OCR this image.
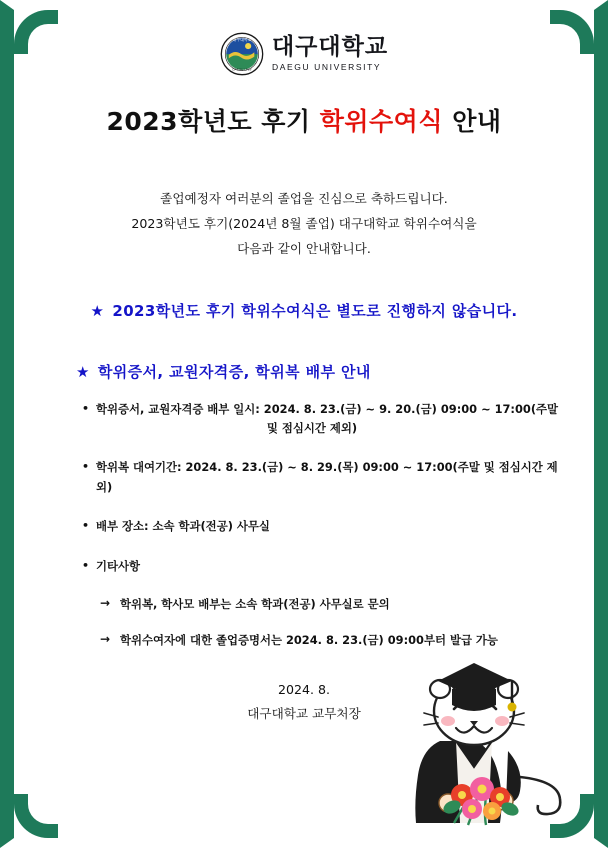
대구대학교
DAEGU UNIV
대구대학교
DAEGU UNIVERSITY
2023학년도 후기 학위수여식 안내
졸업예정자 여러분의 졸업을 진심으로 축하드립니다.
2023학년도 후기(2024년 8월 졸업) 대구대학교 학위수여식을
다음과 같이 안내합니다.
★ 2023학년도 후기 학위수여식은 별도로 진행하지 않습니다.
★ 학위증서, 교원자격증, 학위복 배부 안내
• 학위증서, 교원자격증 배부 일시: 2024. 8. 23.(금) ~ 9. 20.(금) 09:00 ~ 17:00(주말
및 점심시간 제외)
• 학위복 대여기간: 2024. 8. 23.(금) ~ 8. 29.(목) 09:00 ~ 17:00(주말 및 점심시간 제외)
• 배부 장소: 소속 학과(전공) 사무실
• 기타사항
→ 학위복, 학사모 배부는 소속 학과(전공) 사무실로 문의
→ 학위수여자에 대한 졸업증명서는 2024. 8. 23.(금) 09:00부터 발급 가능
2024. 8.
대구대학교 교무처장
